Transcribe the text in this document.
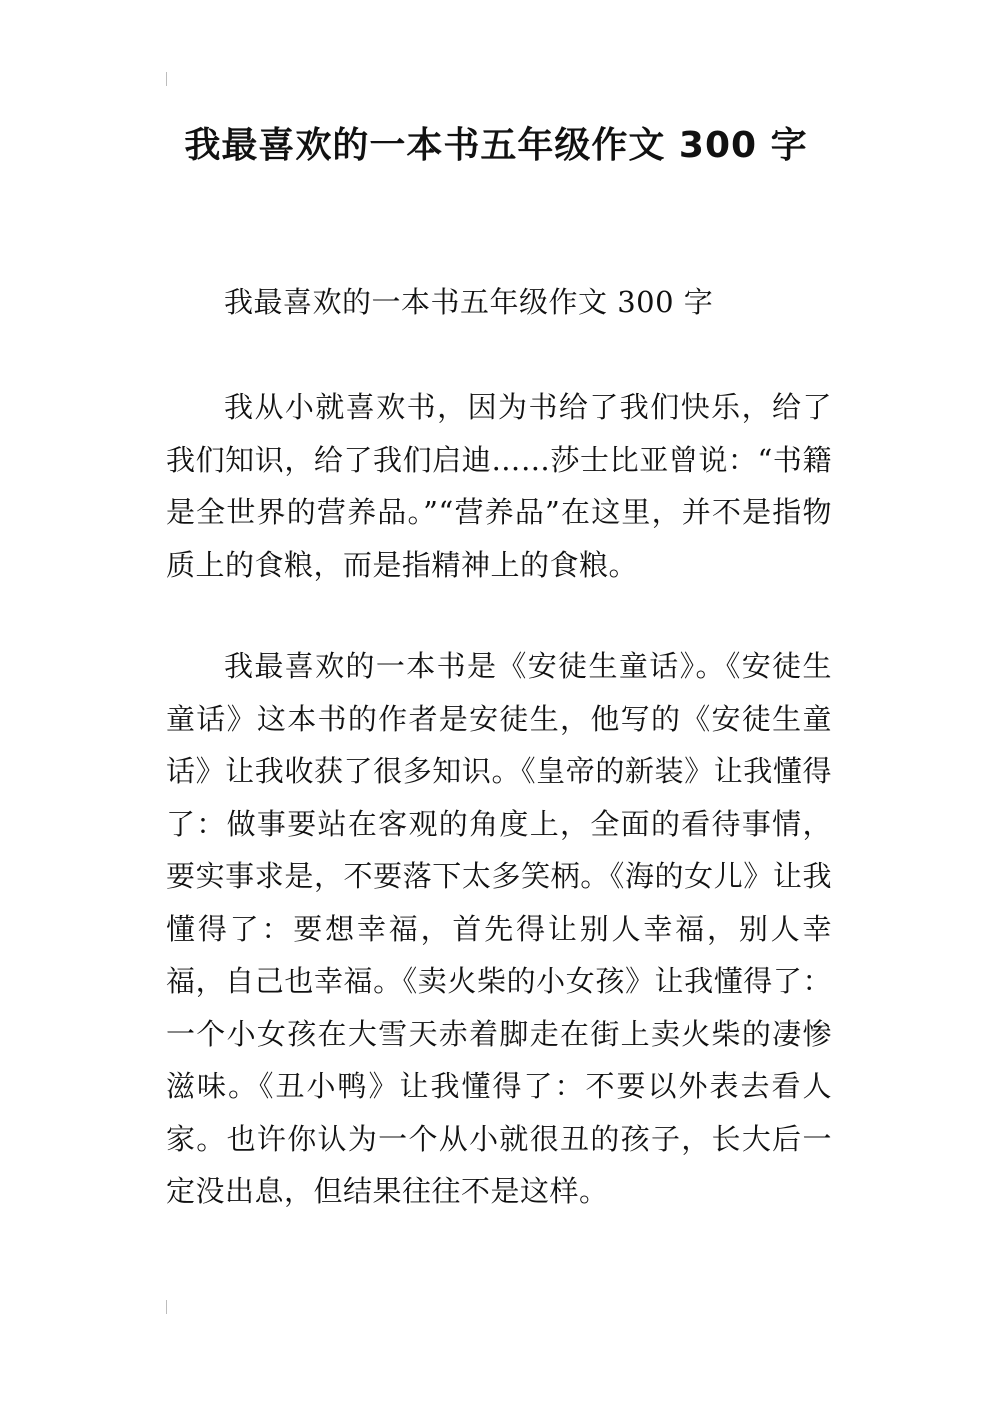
我最喜欢的一本书五年级作文 300 字

我最喜欢的一本书五年级作文 300 字

我从小就喜欢书，因为书给了我们快乐，给了我们知识，给了我们启迪……莎士比亚曾说：“书籍是全世界的营养品。”“营养品”在这里，并不是指物质上的食粮，而是指精神上的食粮。

我最喜欢的一本书是《安徒生童话》。《安徒生童话》这本书的作者是安徒生，他写的《安徒生童话》让我收获了很多知识。《皇帝的新装》让我懂得了：做事要站在客观的角度上，全面的看待事情，要实事求是，不要落下太多笑柄。《海的女儿》让我懂得了：要想幸福，首先得让别人幸福，别人幸福，自己也幸福。《卖火柴的小女孩》让我懂得了：一个小女孩在大雪天赤着脚走在街上卖火柴的凄惨滋味。《丑小鸭》让我懂得了：不要以外表去看人家。也许你认为一个从小就很丑的孩子，长大后一定没出息，但结果往往不是这样。
